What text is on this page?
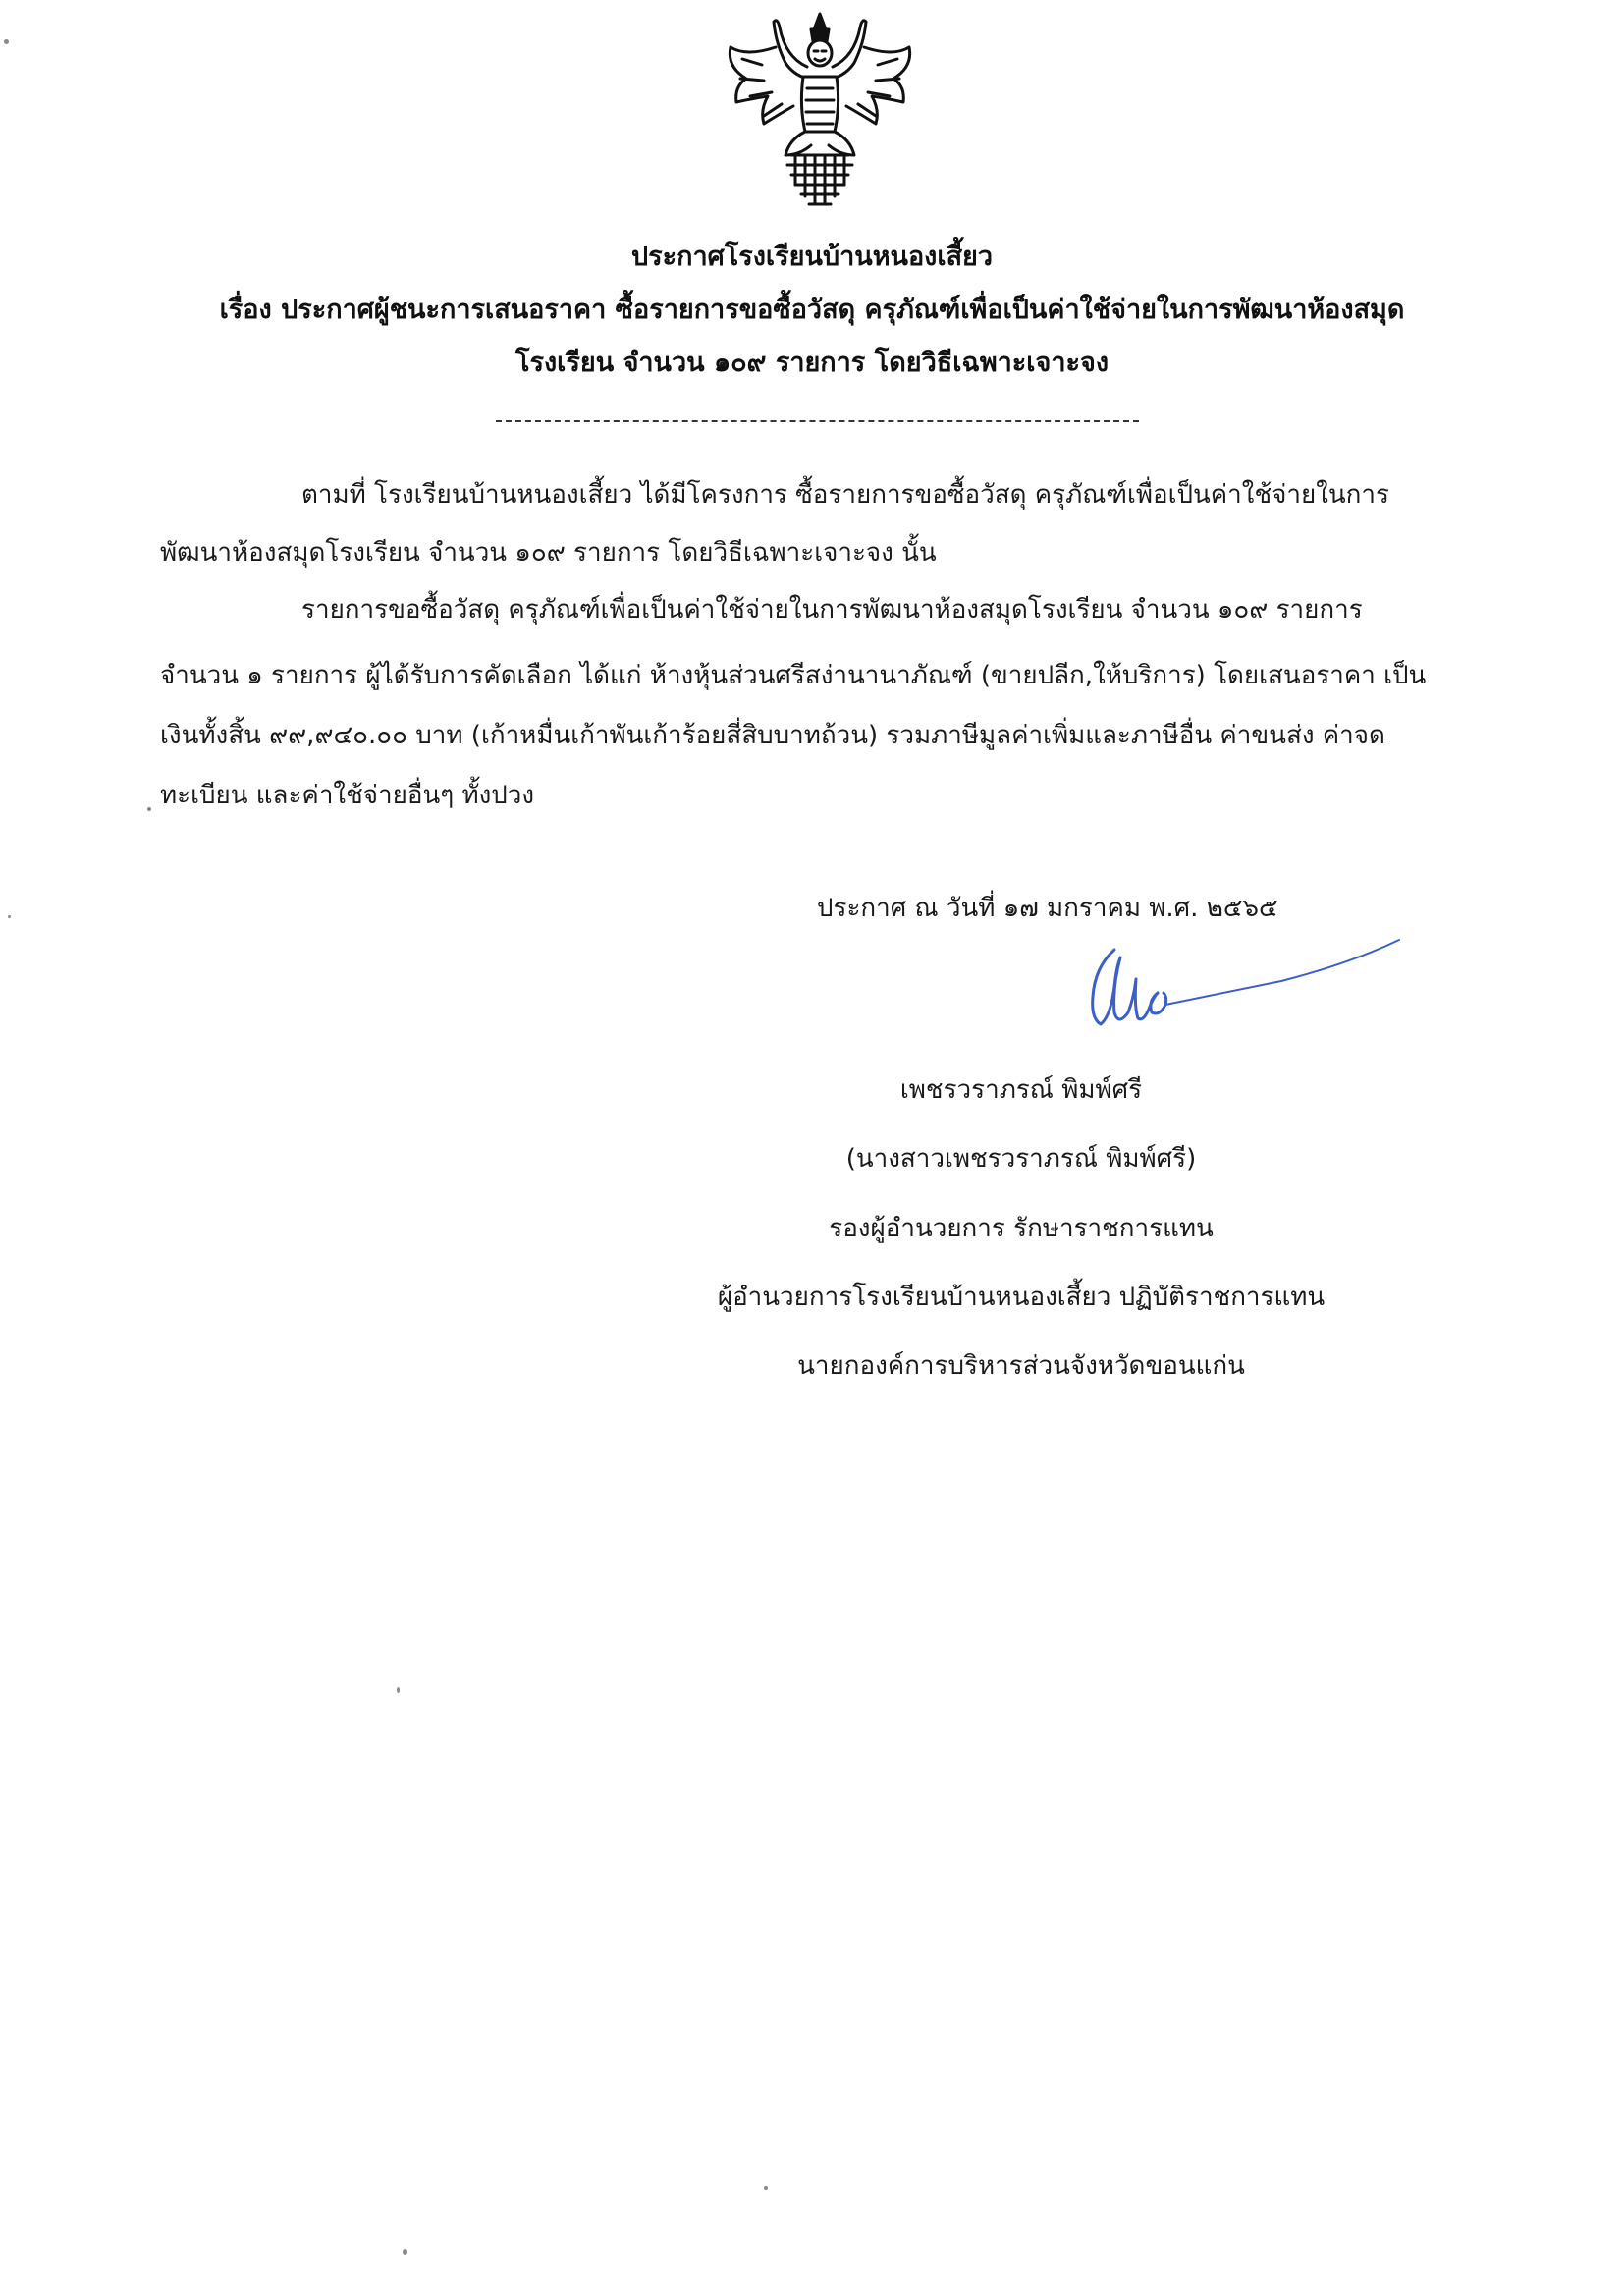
ประกาศโรงเรียนบ้านหนองเสี้ยว
เรื่อง ประกาศผู้ชนะการเสนอราคา ซื้อรายการขอซื้อวัสดุ ครุภัณฑ์เพื่อเป็นค่าใช้จ่ายในการพัฒนาห้องสมุด
โรงเรียน จำนวน ๑๐๙ รายการ โดยวิธีเฉพาะเจาะจง
ตามที่ โรงเรียนบ้านหนองเสี้ยว ได้มีโครงการ ซื้อรายการขอซื้อวัสดุ ครุภัณฑ์เพื่อเป็นค่าใช้จ่ายในการ
พัฒนาห้องสมุดโรงเรียน จำนวน ๑๐๙ รายการ โดยวิธีเฉพาะเจาะจง นั้น
รายการขอซื้อวัสดุ ครุภัณฑ์เพื่อเป็นค่าใช้จ่ายในการพัฒนาห้องสมุดโรงเรียน จำนวน ๑๐๙ รายการ
จำนวน ๑ รายการ ผู้ได้รับการคัดเลือก ได้แก่ ห้างหุ้นส่วนศรีสง่านานาภัณฑ์ (ขายปลีก,ให้บริการ) โดยเสนอราคา เป็น
เงินทั้งสิ้น ๙๙,๙๔๐.๐๐ บาท (เก้าหมื่นเก้าพันเก้าร้อยสี่สิบบาทถ้วน) รวมภาษีมูลค่าเพิ่มและภาษีอื่น ค่าขนส่ง ค่าจด
ทะเบียน และค่าใช้จ่ายอื่นๆ ทั้งปวง
ประกาศ ณ วันที่ ๑๗ มกราคม พ.ศ. ๒๕๖๕
เพชรวราภรณ์ พิมพ์ศรี
(นางสาวเพชรวราภรณ์ พิมพ์ศรี)
รองผู้อำนวยการ รักษาราชการแทน
ผู้อำนวยการโรงเรียนบ้านหนองเสี้ยว ปฏิบัติราชการแทน
นายกองค์การบริหารส่วนจังหวัดขอนแก่น
